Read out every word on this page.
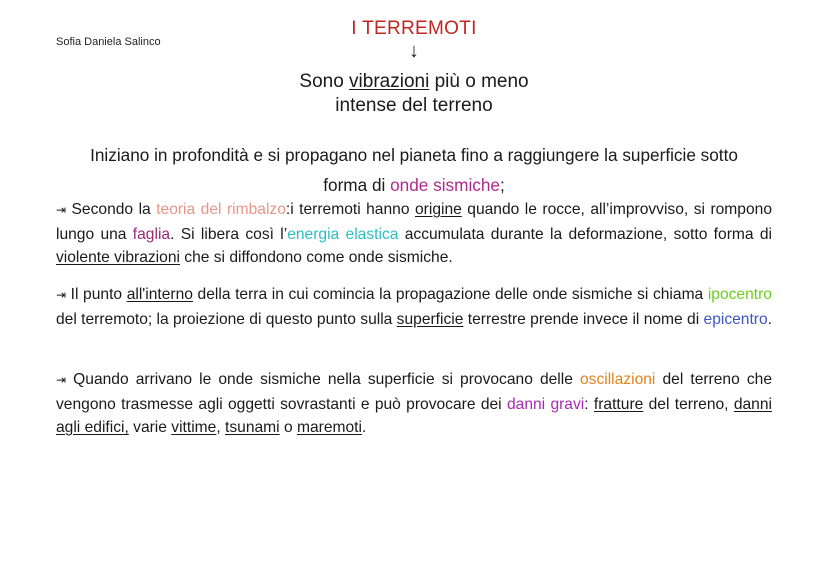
Sofia Daniela Salinco
I TERREMOTI
↓
Sono vibrazioni più o meno
intense del terreno
Iniziano in profondità e si propagano nel pianeta fino a raggiungere la superficie sotto
forma di onde sismiche;
⇥ Secondo la teoria del rimbalzo:i terremoti hanno origine quando le rocce, all’improvviso, si rompono lungo una faglia. Si libera così l’energia elastica accumulata durante la deformazione, sotto forma di violente vibrazioni che si diffondono come onde sismiche.
⇥ Il punto all'interno della terra in cui comincia la propagazione delle onde sismiche si chiama ipocentro del terremoto; la proiezione di questo punto sulla superficie terrestre prende invece il nome di epicentro.
⇥ Quando arrivano le onde sismiche nella superficie si provocano delle oscillazioni del terreno che vengono trasmesse agli oggetti sovrastanti e può provocare dei danni gravi: fratture del terreno, danni agli edifici, varie vittime, tsunami o maremoti.
